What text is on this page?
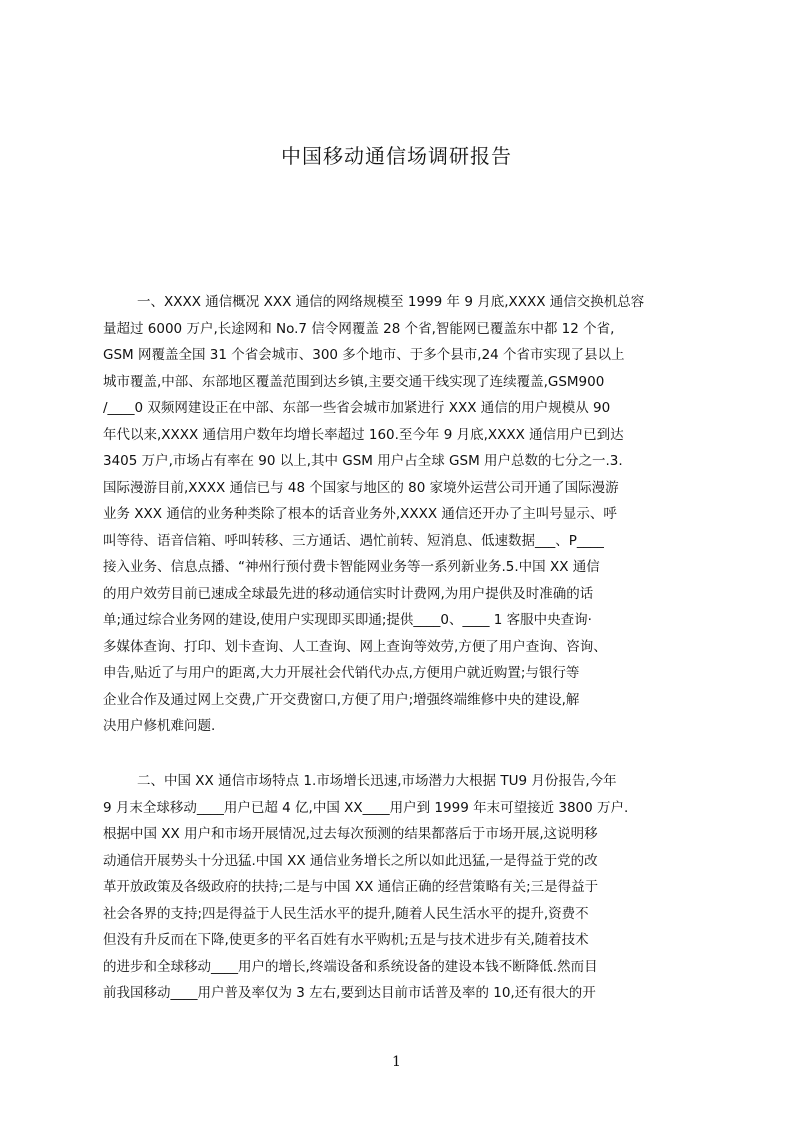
中国移动通信场调研报告
一、XXXX 通信概况 XXX 通信的网络规模至 1999 年 9 月底,XXXX 通信交换机总容
量超过 6000 万户,长途网和 No.7 信令网覆盖 28 个省,智能网已覆盖东中都 12 个省,
GSM 网覆盖全国 31 个省会城市、300 多个地市、于多个县市,24 个省市实现了县以上
城市覆盖,中部、东部地区覆盖范围到达乡镇,主要交通干线实现了连续覆盖,GSM900
/____0 双频网建设正在中部、东部一些省会城市加紧进行 XXX 通信的用户规模从 90
年代以来,XXXX 通信用户数年均增长率超过 160.至今年 9 月底,XXXX 通信用户已到达
3405 万户,市场占有率在 90 以上,其中 GSM 用户占全球 GSM 用户总数的七分之一.3.
国际漫游目前,XXXX 通信已与 48 个国家与地区的 80 家境外运营公司开通了国际漫游
业务 XXX 通信的业务种类除了根本的话音业务外,XXXX 通信还开办了主叫号显示、呼
叫等待、语音信箱、呼叫转移、三方通话、遇忙前转、短消息、低速数据___、P____
接入业务、信息点播、“神州行预付费卡智能网业务等一系列新业务.5.中国 XX 通信
的用户效劳目前已速成全球最先进的移动通信实时计费网,为用户提供及时准确的话
单;通过综合业务网的建设,使用户实现即买即通;提供____0、____ 1 客服中央查询·
多媒体查询、打印、划卡查询、人工查询、网上查询等效劳,方便了用户查询、咨询、
申告,贴近了与用户的距离,大力开展社会代销代办点,方便用户就近购置;与银行等
企业合作及通过网上交费,广开交费窗口,方便了用户;增强终端维修中央的建设,解
决用户修机难问题.
二、中国 XX 通信市场特点 1.市场增长迅速,市场潜力大根据 TU9 月份报告,今年
9 月末全球移动____用户已超 4 亿,中国 XX____用户到 1999 年末可望接近 3800 万户.
根据中国 XX 用户和市场开展情况,过去每次预测的结果都落后于市场开展,这说明移
动通信开展势头十分迅猛.中国 XX 通信业务增长之所以如此迅猛,一是得益于党的改
革开放政策及各级政府的扶持;二是与中国 XX 通信正确的经营策略有关;三是得益于
社会各界的支持;四是得益于人民生活水平的提升,随着人民生活水平的提升,资费不
但没有升反而在下降,使更多的平名百姓有水平购机;五是与技术进步有关,随着技术
的进步和全球移动____用户的增长,终端设备和系统设备的建设本钱不断降低.然而目
前我国移动____用户普及率仅为 3 左右,要到达目前市话普及率的 10,还有很大的开
1
